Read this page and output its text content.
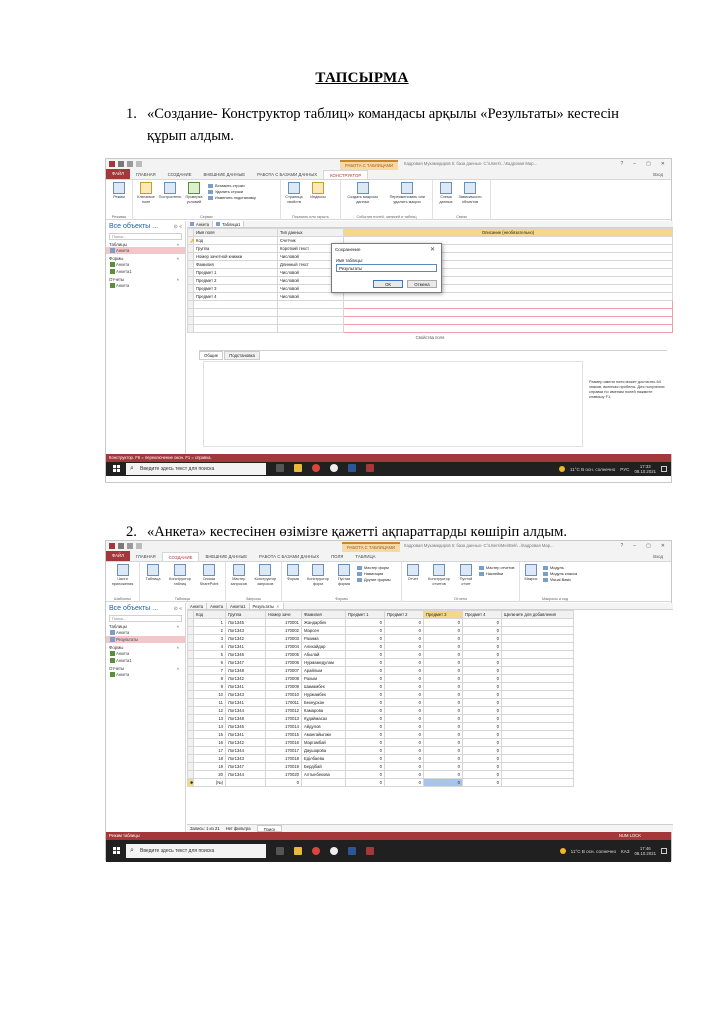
ТАПСЫРМА
1. «Создание- Конструктор таблиц» командасы арқылы «Результаты» кестесін құрып алдым.
2. «Анкета» кестесінен өзімізге қажетті ақпараттарды көшіріп алдым.
РАБОТА С ТАБЛИЦАМИ	Кадровая Мухамедиров 5: база данных- C:\Users\...\Кадровая Мар...	? – ▢ ✕
ФАЙЛ	ГЛАВНАЯ	СОЗДАНИЕ	ВНЕШНИЕ ДАННЫЕ	РАБОТА С БАЗАМИ ДАННЫХ	КОНСТРУКТОР	Вход
Режим
Режимы
Ключевое поле
Построитель	Проверка условий
Вставить строки
Удалить строки
Изменить подстановку
Сервис
Страница свойств
Индексы
Показать или скрыть
Создать макросы данных
Переименовать или удалить макрос
События полей, записей и таблиц
Схема данных
Зависимости объектов
Связи
Все объекты ...	⊙ «
Поиск...
Таблицы	˄
Анкета
Формы	˄
Анкета
Анкета1
Отчеты	˄
Анкета
Анкета	Таблица1
	Имя поля	Тип данных	Описание (необязательно)
🔑	Код	Счетчик	
	Группа	Короткий текст	
	Номер зачетной книжки	Числовой	
	Фамилия	Длинный текст	
	Предмет 1	Числовой	
	Предмет 2	Числовой	
	Предмет 3	Числовой	
	Предмет 4	Числовой	

Свойства поля
Общие	Подстановка
Размер имени поля может достигать 64 знаков, включая пробелы. Для получения справки по именам полей нажмите клавишу F1.
Сохранение	✕
Имя таблицы:
Результаты
ОК	Отмена
Конструктор. F6 = переключение окон. F1 = справка.
⌕ Введите здесь текст для поиска	11°C В осн. солнечно РУС	17:33
08.10.2021
РАБОТА С ТАБЛИЦАМИ	Кадровая Мухамедиров 5: база данных- C:\Users\MeirBek\...\Кадровая Мар...	? – ▢ ✕
ФАЙЛ	ГЛАВНАЯ	СОЗДАНИЕ	ВНЕШНИЕ ДАННЫЕ	РАБОТА С БАЗАМИ ДАННЫХ	ПОЛЯ	ТАБЛИЦА	Вход
Части приложения
Шаблоны
Таблица	Конструктор таблиц
Списки SharePoint
Таблицы
Мастер запросов
Конструктор запросов
Запросы
Форма	Конструктор форм
Пустая форма
Мастер форм
Навигация
Другие формы
Формы
Отчет	Конструктор отчетов
Пустой отчет
Мастер отчетов
Наклейки
Отчеты
Макрос
Модуль
Модуль класса
Visual Basic
Макросы и код
Все объекты ...	⊙ «
Поиск...
Таблицы	˄
Анкета
Результаты
Формы	˄
Анкета
Анкета1
Отчеты	˄
Анкета
Анкета Анкета Анкета1 Результаты ✕
	Код	Группа	Номер заче	Фамилия	Предмет 1	Предмет 2	Предмет 3	Предмет 4	Щелкните для добавления
	1	Лог1345	170001	Жандарбек	0	0	0	0	
	2	Лог1343	170002	Марсен	0	0	0	0	
	3	Лог1342	170003	Рахима	0	0	0	0	
	4	Лог1341	170004	Алихайдар	0	0	0	0	
	5	Лог1346	170005	Абылай	0	0	0	0	
	6	Лог1347	170006	Нурмамедулам	0	0	0	0	
	7	Лог1348	170007	Арайлым	0	0	0	0	
	8	Лог1342	170008	Рахым	0	0	0	0	
	9	Лог1341	170009	Шамамбек	0	0	0	0	
	10	Лог1343	170010	Нуржамбек	0	0	0	0	
	11	Лог1341	170011	Бекнурхан	0	0	0	0	
	12	Лог1344	170012	Камарова	0	0	0	0	
	13	Лог1348	170013	Кудаймасах	0	0	0	0	
	14	Лог1345	170014	Айдулов	0	0	0	0	
	15	Лог1341	170015	Амангайыпжи	0	0	0	0	
	16	Лог1342	170016	Маргамбай	0	0	0	0	
	17	Лог1344	170017	Даушарова	0	0	0	0	
	18	Лог1343	170018	Еділбаева	0	0	0	0	
	19	Лог1347	170019	Бердібай	0	0	0	0	
	20	Лог1344	170020	Алтынбекова	0	0	0	0	
✱	(№)		0		0	0	0	0	
Запись: 1 из 21 Нет фильтра	Поиск
Режим таблицы	NUM LOCK
⌕ Введите здесь текст для поиска	11°C В осн. солнечно КАЗ	17:46
08.10.2021
